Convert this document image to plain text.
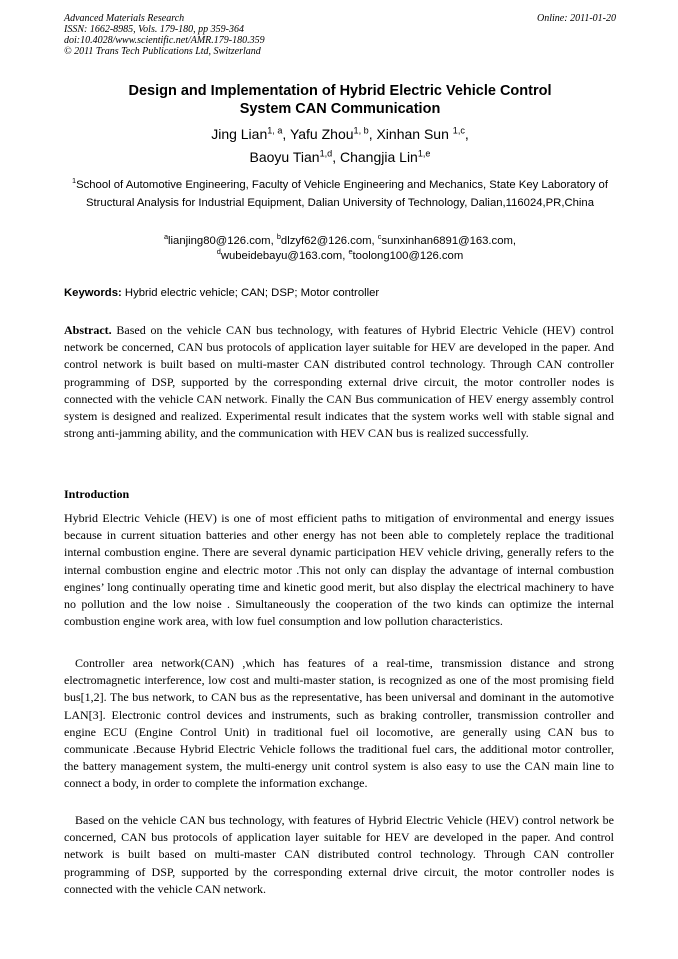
Advanced Materials Research
ISSN: 1662-8985, Vols. 179-180, pp 359-364
doi:10.4028/www.scientific.net/AMR.179-180.359
© 2011 Trans Tech Publications Ltd, Switzerland
Online: 2011-01-20
Design and Implementation of Hybrid Electric Vehicle Control
System CAN Communication
Jing Lian$^{1, a}$, Yafu Zhou$^{1, b}$, Xinhan Sun $^{1,c}$,
Baoyu Tian$^{1,d}$, Changjia Lin$^{1,e}$
$^1$School of Automotive Engineering, Faculty of Vehicle Engineering and Mechanics, State Key Laboratory of Structural Analysis for Industrial Equipment, Dalian University of Technology, Dalian,116024,PR,China
$^a$lianjing80@126.com, $^b$dlzyf62@126.com, $^c$sunxinhan6891@163.com,
$^d$wubeidebayu@163.com, $^e$toolong100@126.com
Keywords: Hybrid electric vehicle; CAN; DSP; Motor controller
Abstract. Based on the vehicle CAN bus technology, with features of Hybrid Electric Vehicle (HEV) control network be concerned, CAN bus protocols of application layer suitable for HEV are developed in the paper. And control network is built based on multi-master CAN distributed control technology. Through CAN controller programming of DSP, supported by the corresponding external drive circuit, the motor controller nodes is connected with the vehicle CAN network. Finally the CAN Bus communication of HEV energy assembly control system is designed and realized. Experimental result indicates that the system works well with stable signal and strong anti-jamming ability, and the communication with HEV CAN bus is realized successfully.
Introduction
Hybrid Electric Vehicle (HEV) is one of most efficient paths to mitigation of environmental and energy issues because in current situation batteries and other energy has not been able to completely replace the traditional internal combustion engine. There are several dynamic participation HEV vehicle driving, generally refers to the internal combustion engine and electric motor .This not only can display the advantage of internal combustion engines’ long continually operating time and kinetic good merit, but also display the electrical machinery to have no pollution and the low noise . Simultaneously the cooperation of the two kinds can optimize the internal combustion engine work area, with low fuel consumption and low pollution characteristics.
Controller area network(CAN) ,which has features of a real-time, transmission distance and strong electromagnetic interference, low cost and multi-master station, is recognized as one of the most promising field bus[1,2]. The bus network, to CAN bus as the representative, has been universal and dominant in the automotive LAN[3]. Electronic control devices and instruments, such as braking controller, transmission controller and engine ECU (Engine Control Unit) in traditional fuel oil locomotive, are generally using CAN bus to communicate .Because Hybrid Electric Vehicle follows the traditional fuel cars, the additional motor controller, the battery management system, the multi-energy unit control system is also easy to use the CAN main line to connect a body, in order to complete the information exchange.
Based on the vehicle CAN bus technology, with features of Hybrid Electric Vehicle (HEV) control network be concerned, CAN bus protocols of application layer suitable for HEV are developed in the paper. And control network is built based on multi-master CAN distributed control technology. Through CAN controller programming of DSP, supported by the corresponding external drive circuit, the motor controller nodes is connected with the vehicle CAN network.
